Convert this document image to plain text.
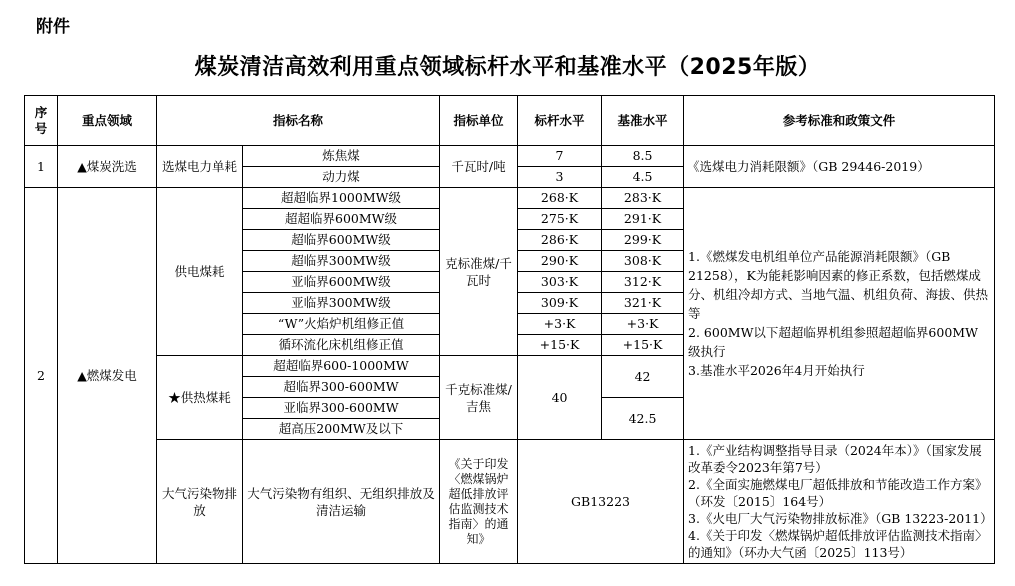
附件
煤炭清洁高效利用重点领域标杆水平和基准水平（2025年版）
序号	重点领域	指标名称		指标单位	标杆水平	基准水平	参考标准和政策文件
1	▲煤炭洗选	选煤电力单耗	炼焦煤	千瓦时/吨	7	8.5	《选煤电力消耗限额》（GB 29446-2019）
			动力煤		3	4.5	
2	▲燃煤发电	供电煤耗	超超临界1000MW级	克标准煤/千瓦时	268·K	283·K	1.《燃煤发电机组单位产品能源消耗限额》（GB 21258），K为能耗影响因素的修正系数，包括燃煤成分、机组冷却方式、当地气温、机组负荷、海拔、供热等
2. 600MW以下超超临界机组参照超超临界600MW级执行
3.基准水平2026年4月开始执行

			超超临界600MW级		275·K	291·K	
			超临界600MW级		286·K	299·K	
			超临界300MW级		290·K	308·K	
			亚临界600MW级		303·K	312·K	
			亚临界300MW级		309·K	321·K	
			“W”火焰炉机组修正值		+3·K	+3·K	
			循环流化床机组修正值		+15·K	+15·K	
		★供热煤耗	超超临界600-1000MW	千克标准煤/吉焦	40	42	
			超临界300-600MW				
			亚临界300-600MW			42.5	
			超高压200MW及以下				
		大气污染物排放	大气污染物有组织、无组织排放及清洁运输	《关于印发〈燃煤锅炉超低排放评估监测技术指南〉的通知》	GB13223		1.《产业结构调整指导目录（2024年本）》（国家发展改革委令2023年第7号）
2.《全面实施燃煤电厂超低排放和节能改造工作方案》（环发〔2015〕164号）
3.《火电厂大气污染物排放标准》（GB 13223-2011）
4.《关于印发〈燃煤锅炉超低排放评估监测技术指南〉的通知》（环办大气函〔2025〕113号）
